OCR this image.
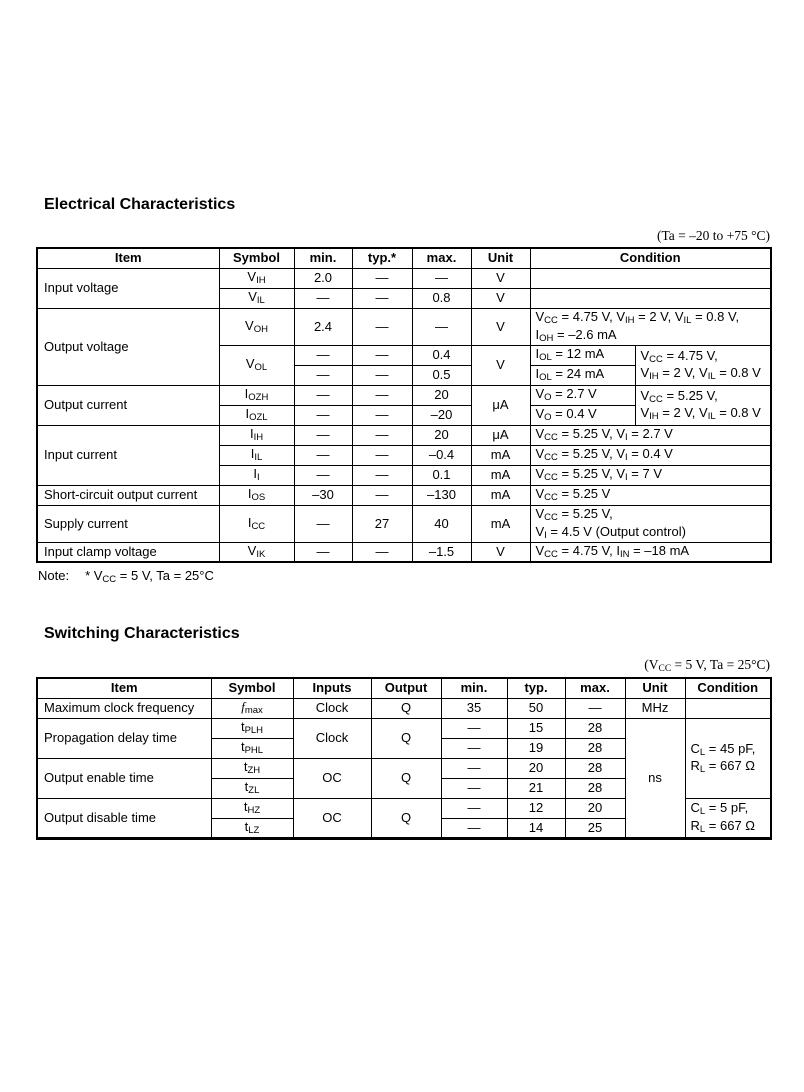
Electrical Characteristics
(Ta = –20 to +75 °C)
Item	Symbol	min.	typ.*	max.	Unit	Condition	
Input voltage	$V_{IH}$	2.0	—	—	V		
	$V_{IL}$	—	—	0.8	V		
Output voltage	$V_{OH}$	2.4	—	—	V	$V_{CC} = 4.75$ V, $V_{IH} = 2$ V, $V_{IL} = 0.8$ V,
$I_{OH} = -2.6$ mA	
	$V_{OL}$	—	—	0.4	V	$I_{OL} = 12$ mA	$V_{CC} = 4.75$ V,
$V_{IH} = 2$ V, $V_{IL} = 0.8$ V
		—	—	0.5		$I_{OL} = 24$ mA	
Output current	$I_{OZH}$	—	—	20	μA	$V_O = 2.7$ V	$V_{CC} = 5.25$ V,
$V_{IH} = 2$ V, $V_{IL} = 0.8$ V
	$I_{OZL}$	—	—	–20		$V_O = 0.4$ V	
Input current	$I_{IH}$	—	—	20	μA	$V_{CC} = 5.25$ V, $V_I = 2.7$ V	
	$I_{IL}$	—	—	–0.4	mA	$V_{CC} = 5.25$ V, $V_I = 0.4$ V	
	$I_I$	—	—	0.1	mA	$V_{CC} = 5.25$ V, $V_I = 7$ V	
Short-circuit output current	$I_{OS}$	–30	—	–130	mA	$V_{CC} = 5.25$ V	
Supply current	$I_{CC}$	—	27	40	mA	$V_{CC} = 5.25$ V,
$V_I = 4.5$ V (Output control)	
Input clamp voltage	$V_{IK}$	—	—	–1.5	V	$V_{CC} = 4.75$ V, $I_{IN} = -18$ mA	
Note: * $V_{CC} = 5$ V, Ta = 25°C
Switching Characteristics
($V_{CC} = 5$ V, Ta = 25°C)
Item	Symbol	Inputs	Output	min.	typ.	max.	Unit	Condition
Maximum clock frequency	$f_{max}$	Clock	Q	35	50	—	MHz	
Propagation delay time	$t_{PLH}$	Clock	Q	—	15	28	ns	$C_L = 45$ pF,
$R_L = 667$ Ω
	$t_{PHL}$			—	19	28		
Output enable time	$t_{ZH}$	OC	Q	—	20	28		
	$t_{ZL}$			—	21	28		
Output disable time	$t_{HZ}$	OC	Q	—	12	20		$C_L = 5$ pF,
$R_L = 667$ Ω
	$t_{LZ}$			—	14	25		
